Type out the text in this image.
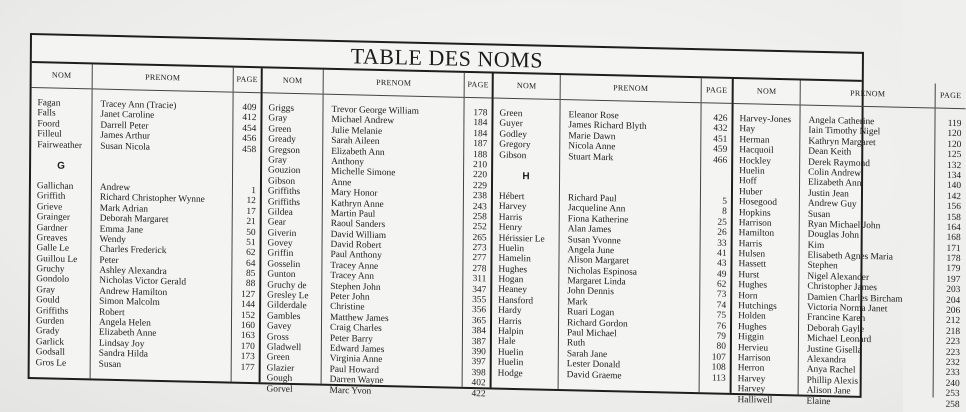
TABLE DES NOMS
NOM
Fagan
Falls
Foord
Filleul
Fairweather
G
Gallichan
Griffith
Grieve
Grainger
Gardner
Greaves
Galle Le
Guillou Le
Gruchy
Gondolo
Gray
Gould
Griffiths
Gurden
Grady
Garlick
Godsall
Gros Le
PRENOM
Tracey Ann (Tracie)
Janet Caroline
Darrell Peter
James Arthur
Susan Nicola
Andrew
Richard Christopher Wynne
Mark Adrian
Deborah Margaret
Emma Jane
Wendy
Charles Frederick
Peter
Ashley Alexandra
Nicholas Victor Gerald
Andrew Hamilton
Simon Malcolm
Robert
Angela Helen
Elizabeth Anne
Lindsay Joy
Sandra Hilda
Susan
PAGE
409
412
454
456
458
1
12
17
21
50
51
62
64
85
88
127
144
152
160
163
170
173
177
NOM
Griggs
Gray
Green
Gready
Gregson
Gray
Gouzion
Gibson
Griffiths
Griffiths
Gildea
Gear
Giverin
Govey
Griffin
Gosselin
Gunton
Gruchy de
Gresley Le
Gilderdale
Gambles
Gavey
Gross
Gladwell
Green
Glazier
Gough
Gorvel
PRENOM
Trevor George William
Michael Andrew
Julie Melanie
Sarah Aileen
Elizabeth Ann
Anthony
Michelle Simone
Anne
Mary Honor
Kathryn Anne
Martin Paul
Raoul Sanders
David William
David Robert
Paul Anthony
Tracey Anne
Tracey Ann
Stephen John
Peter John
Christine
Matthew James
Craig Charles
Peter Barry
Edward James
Virginia Anne
Paul Howard
Darren Wayne
Marc Yvon
PAGE
178
184
184
187
188
210
220
229
238
243
258
252
265
273
277
278
311
347
355
356
365
384
387
390
397
398
402
422
NOM
Green
Guyer
Godley
Gregory
Gibson
H
Hébert
Harvey
Harris
Henry
Hérissier Le
Huelin
Hamelin
Hughes
Hogan
Heaney
Hansford
Hardy
Harris
Halpin
Hale
Huelin
Huelin
Hodge
PRENOM
Eleanor Rose
James Richard Blyth
Marie Dawn
Nicola Anne
Stuart Mark
Richard Paul
Jacqueline Ann
Fiona Katherine
Alan James
Susan Yvonne
Angela June
Alison Margaret
Nicholas Espinosa
Margaret Linda
John Dennis
Mark
Ruari Logan
Richard Gordon
Paul Michael
Ruth
Sarah Jane
Lester Donald
David Graeme
PAGE
426
432
451
459
466
5
8
25
26
33
41
43
49
62
73
74
75
76
79
80
107
108
113
NOM
Harvey-Jones
Hay
Herman
Hacquoil
Hockley
Huelin
Hoff
Huber
Hosegood
Hopkins
Harrison
Hamilton
Harris
Hulsen
Hassett
Hurst
Hughes
Horn
Hutchings
Holden
Hughes
Higgin
Hervieu
Harrison
Herron
Harvey
Harvey
Halliwell
PRENOM
Angela Catherine
Iain Timothy Nigel
Kathryn Margaret
Dean Keith
Derek Raymond
Colin Andrew
Elizabeth Ann
Justin Jean
Andrew Guy
Susan
Ryan Michael John
Douglas John
Kim
Elisabeth Agnes Maria
Stephen
Nigel Alexander
Christopher James
Damien Charles Bircham
Victoria Norma Janet
Francine Karen
Deborah Gayle
Michael Leonard
Justine Gisella
Alexandra
Anya Rachel
Phillip Alexis
Alison Jane
Elaine
PAGE
119
120
120
125
132
134
140
142
156
158
164
168
171
178
179
197
203
204
206
212
218
223
223
232
233
240
253
258
